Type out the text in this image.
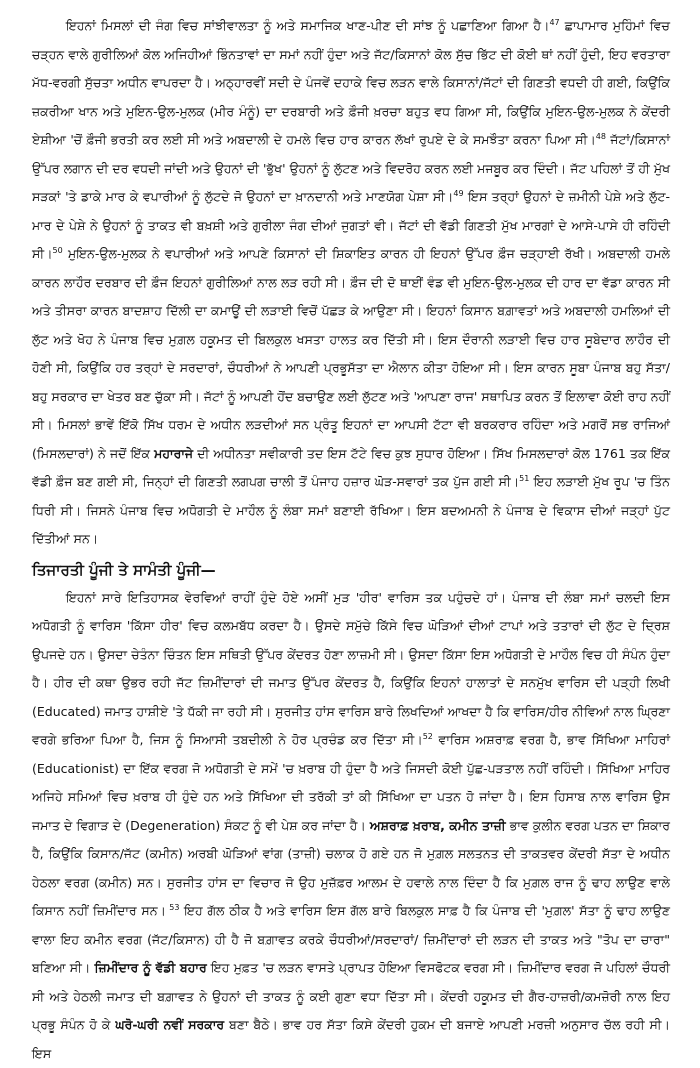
ਇਹਨਾਂ ਮਿਸਲਾਂ ਦੀ ਜੰਗ ਵਿਚ ਸਾਂਝੀਵਾਲਤਾ ਨੂੰ ਅਤੇ ਸਮਾਜਿਕ ਖਾਣ-ਪੀਣ ਦੀ ਸਾਂਝ ਨੂੰ ਪਛਾਣਿਆ ਗਿਆ ਹੈ।$^{47}$ ਛਾਪਾਮਾਰ ਮੁਹਿੰਮਾਂ ਵਿਚ ਚੜ੍ਹਨ ਵਾਲੇ ਗੁਰੀਲਿਆਂ ਕੋਲ ਅਜਿਹੀਆਂ ਭਿੰਨਤਾਵਾਂ ਦਾ ਸਮਾਂ ਨਹੀਂ ਹੁੰਦਾ ਅਤੇ ਜੱਟ/ਕਿਸਾਨਾਂ ਕੋਲ ਸੁੱਚ ਭਿੱਟ ਦੀ ਕੋਈ ਥਾਂ ਨਹੀਂ ਹੁੰਦੀ, ਇਹ ਵਰਤਾਰਾ ਮੱਧ-ਵਰਗੀ ਸੁੱਚਤਾ ਅਧੀਨ ਵਾਪਰਦਾ ਹੈ। ਅਠ੍ਹਾਰਵੀਂ ਸਦੀ ਦੇ ਪੰਜਵੇਂ ਦਹਾਕੇ ਵਿਚ ਲੜਨ ਵਾਲੇ ਕਿਸਾਨਾਂ/ਜੱਟਾਂ ਦੀ ਗਿਣਤੀ ਵਧਦੀ ਹੀ ਗਈ, ਕਿਉਂਕਿ ਜ਼ਕਰੀਆ ਖਾਨ ਅਤੇ ਮੁਇਨ-ਉਲ-ਮੁਲਕ (ਮੀਰ ਮੰਨੂੰ) ਦਾ ਦਰਬਾਰੀ ਅਤੇ ਫ਼ੌਜੀ ਖ਼ਰਚਾ ਬਹੁਤ ਵਧ ਗਿਆ ਸੀ, ਕਿਉਂਕਿ ਮੁਇਨ-ਉਲ-ਮੁਲਕ ਨੇ ਕੇਂਦਰੀ ਏਸ਼ੀਆ 'ਚੋਂ ਫ਼ੌਜੀ ਭਰਤੀ ਕਰ ਲਈ ਸੀ ਅਤੇ ਅਬਦਾਲੀ ਦੇ ਹਮਲੇ ਵਿਚ ਹਾਰ ਕਾਰਨ ਲੱਖਾਂ ਰੁਪਏ ਦੇ ਕੇ ਸਮਝੌਤਾ ਕਰਨਾ ਪਿਆ ਸੀ।$^{48}$ ਜੱਟਾਂ/ਕਿਸਾਨਾਂ ਉੱਪਰ ਲਗਾਨ ਦੀ ਦਰ ਵਧਦੀ ਜਾਂਦੀ ਅਤੇ ਉਹਨਾਂ ਦੀ 'ਭੁੱਖ' ਉਹਨਾਂ ਨੂੰ ਲੁੱਟਣ ਅਤੇ ਵਿਦਰੋਹ ਕਰਨ ਲਈ ਮਜਬੂਰ ਕਰ ਦਿੰਦੀ। ਜੱਟ ਪਹਿਲਾਂ ਤੋਂ ਹੀ ਮੁੱਖ ਸੜਕਾਂ 'ਤੇ ਡਾਕੇ ਮਾਰ ਕੇ ਵਪਾਰੀਆਂ ਨੂੰ ਲੁੱਟਦੇ ਜੋ ਉਹਨਾਂ ਦਾ ਖ਼ਾਨਦਾਨੀ ਅਤੇ ਮਾਣਯੋਗ ਪੇਸ਼ਾ ਸੀ।$^{49}$ ਇਸ ਤਰ੍ਹਾਂ ਉਹਨਾਂ ਦੇ ਜ਼ਮੀਨੀ ਪੇਸ਼ੇ ਅਤੇ ਲੁੱਟ-ਮਾਰ ਦੇ ਪੇਸ਼ੇ ਨੇ ਉਹਨਾਂ ਨੂੰ ਤਾਕਤ ਵੀ ਬਖ਼ਸ਼ੀ ਅਤੇ ਗੁਰੀਲਾ ਜੰਗ ਦੀਆਂ ਜੁਗਤਾਂ ਵੀ। ਜੱਟਾਂ ਦੀ ਵੱਡੀ ਗਿਣਤੀ ਮੁੱਖ ਮਾਰਗਾਂ ਦੇ ਆਸੇ-ਪਾਸੇ ਹੀ ਰਹਿੰਦੀ ਸੀ।$^{50}$ ਮੁਇਨ-ਉਲ-ਮੁਲਕ ਨੇ ਵਪਾਰੀਆਂ ਅਤੇ ਆਪਣੇ ਕਿਸਾਨਾਂ ਦੀ ਸ਼ਿਕਾਇਤ ਕਾਰਨ ਹੀ ਇਹਨਾਂ ਉੱਪਰ ਫ਼ੌਜ ਚੜ੍ਹਾਈ ਰੱਖੀ। ਅਬਦਾਲੀ ਹਮਲੇ ਕਾਰਨ ਲਾਹੌਰ ਦਰਬਾਰ ਦੀ ਫ਼ੌਜ ਇਹਨਾਂ ਗੁਰੀਲਿਆਂ ਨਾਲ ਲੜ ਰਹੀ ਸੀ। ਫ਼ੌਜ ਦੀ ਦੋ ਥਾਈਂ ਵੰਡ ਵੀ ਮੁਇਨ-ਉਲ-ਮੁਲਕ ਦੀ ਹਾਰ ਦਾ ਵੱਡਾ ਕਾਰਨ ਸੀ ਅਤੇ ਤੀਸਰਾ ਕਾਰਨ ਬਾਦਸ਼ਾਹ ਦਿੱਲੀ ਦਾ ਕਮਾਊਂ ਦੀ ਲੜਾਈ ਵਿਚੋਂ ਪੱਛੜ ਕੇ ਆਉਣਾ ਸੀ। ਇਹਨਾਂ ਕਿਸਾਨ ਬਗ਼ਾਵਤਾਂ ਅਤੇ ਅਬਦਾਲੀ ਹਮਲਿਆਂ ਦੀ ਲੁੱਟ ਅਤੇ ਖੋਹ ਨੇ ਪੰਜਾਬ ਵਿਚ ਮੁਗ਼ਲ ਹਕੂਮਤ ਦੀ ਬਿਲਕੁਲ ਖਸਤਾ ਹਾਲਤ ਕਰ ਦਿੱਤੀ ਸੀ। ਇਸ ਦੌਰਾਨੀ ਲੜਾਈ ਵਿਚ ਹਾਰ ਸੂਬੇਦਾਰ ਲਾਹੌਰ ਦੀ ਹੋਣੀ ਸੀ, ਕਿਉਂਕਿ ਹਰ ਤਰ੍ਹਾਂ ਦੇ ਸਰਦਾਰਾਂ, ਚੌਧਰੀਆਂ ਨੇ ਆਪਣੀ ਪ੍ਰਭੂਸੱਤਾ ਦਾ ਐਲਾਨ ਕੀਤਾ ਹੋਇਆ ਸੀ। ਇਸ ਕਾਰਨ ਸੂਬਾ ਪੰਜਾਬ ਬਹੁ ਸੱਤਾ/ਬਹੁ ਸਰਕਾਰ ਦਾ ਖੇਤਰ ਬਣ ਚੁੱਕਾ ਸੀ। ਜੱਟਾਂ ਨੂੰ ਆਪਣੀ ਹੋਂਦ ਬਚਾਉਣ ਲਈ ਲੁੱਟਣ ਅਤੇ 'ਆਪਣਾ ਰਾਜ' ਸਥਾਪਿਤ ਕਰਨ ਤੋਂ ਇਲਾਵਾ ਕੋਈ ਰਾਹ ਨਹੀਂ ਸੀ। ਮਿਸਲਾਂ ਭਾਵੇਂ ਇੱਕੋ ਸਿੱਖ ਧਰਮ ਦੇ ਅਧੀਨ ਲੜਦੀਆਂ ਸਨ ਪ੍ਰੰਤੂ ਇਹਨਾਂ ਦਾ ਆਪਸੀ ਟੱਟਾ ਵੀ ਬਰਕਰਾਰ ਰਹਿੰਦਾ ਅਤੇ ਮਗਰੋਂ ਸਭ ਰਾਜਿਆਂ (ਮਿਸਲਦਾਰਾਂ) ਨੇ ਜਦੋਂ ਇੱਕ ਮਹਾਰਾਜੇ ਦੀ ਅਧੀਨਤਾ ਸਵੀਕਾਰੀ ਤਦ ਇਸ ਟੱਟੇ ਵਿਚ ਕੁਝ ਸੁਧਾਰ ਹੋਇਆ। ਸਿੱਖ ਮਿਸਲਦਾਰਾਂ ਕੋਲ 1761 ਤਕ ਇੱਕ ਵੱਡੀ ਫ਼ੌਜ ਬਣ ਗਈ ਸੀ, ਜਿਨ੍ਹਾਂ ਦੀ ਗਿਣਤੀ ਲਗਪਗ ਚਾਲੀ ਤੋਂ ਪੰਜਾਹ ਹਜ਼ਾਰ ਘੋੜ-ਸਵਾਰਾਂ ਤਕ ਪੁੱਜ ਗਈ ਸੀ।$^{51}$ ਇਹ ਲੜਾਈ ਮੁੱਖ ਰੂਪ 'ਚ ਤਿੰਨ ਧਿਰੀ ਸੀ। ਜਿਸਨੇ ਪੰਜਾਬ ਵਿਚ ਅਧੋਗਤੀ ਦੇ ਮਾਹੌਲ ਨੂੰ ਲੰਬਾ ਸਮਾਂ ਬਣਾਈ ਰੱਖਿਆ। ਇਸ ਬਦਅਮਨੀ ਨੇ ਪੰਜਾਬ ਦੇ ਵਿਕਾਸ ਦੀਆਂ ਜੜ੍ਹਾਂ ਪੁੱਟ ਦਿੱਤੀਆਂ ਸਨ।

ਤਿਜਾਰਤੀ ਪੂੰਜੀ ਤੇ ਸਾਮੰਤੀ ਪੂੰਜੀ—

ਇਹਨਾਂ ਸਾਰੇ ਇਤਿਹਾਸਕ ਵੇਰਵਿਆਂ ਰਾਹੀਂ ਹੁੰਦੇ ਹੋਏ ਅਸੀਂ ਮੁੜ 'ਹੀਰ' ਵਾਰਿਸ ਤਕ ਪਹੁੰਚਦੇ ਹਾਂ। ਪੰਜਾਬ ਦੀ ਲੰਬਾ ਸਮਾਂ ਚਲਦੀ ਇਸ ਅਧੋਗਤੀ ਨੂੰ ਵਾਰਿਸ 'ਕਿੱਸਾ ਹੀਰ' ਵਿਚ ਕਲਮਬੱਧ ਕਰਦਾ ਹੈ। ਉਸਦੇ ਸਮੁੱਚੇ ਕਿੱਸੇ ਵਿਚ ਘੋੜਿਆਂ ਦੀਆਂ ਟਾਪਾਂ ਅਤੇ ਤਤਾਰਾਂ ਦੀ ਲੁੱਟ ਦੇ ਦ੍ਰਿਸ਼ ਉਪਜਦੇ ਹਨ। ਉਸਦਾ ਚੇਤੰਨਾ ਚਿੰਤਨ ਇਸ ਸਥਿਤੀ ਉੱਪਰ ਕੇਂਦਰਤ ਹੋਣਾ ਲਾਜ਼ਮੀ ਸੀ। ਉਸਦਾ ਕਿੱਸਾ ਇਸ ਅਧੋਗਤੀ ਦੇ ਮਾਹੌਲ ਵਿਚ ਹੀ ਸੰਪੰਨ ਹੁੰਦਾ ਹੈ। ਹੀਰ ਦੀ ਕਥਾ ਉਭਰ ਰਹੀ ਜੱਟ ਜ਼ਿਮੀਂਦਾਰਾਂ ਦੀ ਜਮਾਤ ਉੱਪਰ ਕੇਂਦਰਤ ਹੈ, ਕਿਉਂਕਿ ਇਹਨਾਂ ਹਾਲਾਤਾਂ ਦੇ ਸਨਮੁੱਖ ਵਾਰਿਸ ਦੀ ਪੜ੍ਹੀ ਲਿਖੀ (Educated) ਜਮਾਤ ਹਾਸ਼ੀਏ 'ਤੇ ਧੱਕੀ ਜਾ ਰਹੀ ਸੀ। ਸੁਰਜੀਤ ਹਾਂਸ ਵਾਰਿਸ ਬਾਰੇ ਲਿਖਦਿਆਂ ਆਖਦਾ ਹੈ ਕਿ ਵਾਰਿਸ/ਹੀਰ ਨੀਵਿਆਂ ਨਾਲ ਘ੍ਰਿਣਾ ਵਰਗੇ ਭਰਿਆ ਪਿਆ ਹੈ, ਜਿਸ ਨੂੰ ਸਿਆਸੀ ਤਬਦੀਲੀ ਨੇ ਹੋਰ ਪ੍ਰਚੰਡ ਕਰ ਦਿੱਤਾ ਸੀ।$^{52}$ ਵਾਰਿਸ ਅਸ਼ਰਾਫ਼ ਵਰਗ ਹੈ, ਭਾਵ ਸਿੱਖਿਆ ਮਾਹਿਰਾਂ (Educationist) ਦਾ ਇੱਕ ਵਰਗ ਜੋ ਅਧੋਗਤੀ ਦੇ ਸਮੇਂ 'ਚ ਖ਼ਰਾਬ ਹੀ ਹੁੰਦਾ ਹੈ ਅਤੇ ਜਿਸਦੀ ਕੋਈ ਪੁੱਛ-ਪੜਤਾਲ ਨਹੀਂ ਰਹਿੰਦੀ। ਸਿੱਖਿਆ ਮਾਹਿਰ ਅਜਿਹੇ ਸਮਿਆਂ ਵਿਚ ਖ਼ਰਾਬ ਹੀ ਹੁੰਦੇ ਹਨ ਅਤੇ ਸਿੱਖਿਆ ਦੀ ਤਰੱਕੀ ਤਾਂ ਕੀ ਸਿੱਖਿਆ ਦਾ ਪਤਨ ਹੋ ਜਾਂਦਾ ਹੈ। ਇਸ ਹਿਸਾਬ ਨਾਲ ਵਾਰਿਸ ਉਸ ਜਮਾਤ ਦੇ ਵਿਗਾੜ ਦੇ (Degeneration) ਸੰਕਟ ਨੂੰ ਵੀ ਪੇਸ਼ ਕਰ ਜਾਂਦਾ ਹੈ। ਅਸ਼ਰਾਫ਼ ਖ਼ਰਾਬ, ਕਮੀਨ ਤਾਜ਼ੀ ਭਾਵ ਕੁਲੀਨ ਵਰਗ ਪਤਨ ਦਾ ਸ਼ਿਕਾਰ ਹੈ, ਕਿਉਂਕਿ ਕਿਸਾਨ/ਜੱਟ (ਕਮੀਨ) ਅਰਬੀ ਘੋੜਿਆਂ ਵਾਂਗ (ਤਾਜ਼ੀ) ਚਲਾਕ ਹੋ ਗਏ ਹਨ ਜੋ ਮੁਗ਼ਲ ਸਲਤਨਤ ਦੀ ਤਾਕਤਵਰ ਕੇਂਦਰੀ ਸੱਤਾ ਦੇ ਅਧੀਨ ਹੇਠਲਾ ਵਰਗ (ਕਮੀਨ) ਸਨ। ਸੁਰਜੀਤ ਹਾਂਸ ਦਾ ਵਿਚਾਰ ਜੋ ਉਹ ਮੁਜ਼ੱਫ਼ਰ ਆਲਮ ਦੇ ਹਵਾਲੇ ਨਾਲ ਦਿੰਦਾ ਹੈ ਕਿ ਮੁਗ਼ਲ ਰਾਜ ਨੂੰ ਢਾਹ ਲਾਉਣ ਵਾਲੇ ਕਿਸਾਨ ਨਹੀਂ ਜ਼ਿਮੀਂਦਾਰ ਸਨ। $^{53}$ ਇਹ ਗੱਲ ਠੀਕ ਹੈ ਅਤੇ ਵਾਰਿਸ ਇਸ ਗੱਲ ਬਾਰੇ ਬਿਲਕੁਲ ਸਾਫ਼ ਹੈ ਕਿ ਪੰਜਾਬ ਦੀ 'ਮੁਗ਼ਲ' ਸੱਤਾ ਨੂੰ ਢਾਹ ਲਾਉਣ ਵਾਲਾ ਇਹ ਕਮੀਨ ਵਰਗ (ਜੱਟ/ਕਿਸਾਨ) ਹੀ ਹੈ ਜੋ ਬਗ਼ਾਵਤ ਕਰਕੇ ਚੌਧਰੀਆਂ/ਸਰਦਾਰਾਂ/ ਜ਼ਿਮੀਂਦਾਰਾਂ ਦੀ ਲੜਨ ਦੀ ਤਾਕਤ ਅਤੇ "ਤੋਪ ਦਾ ਚਾਰਾ" ਬਣਿਆ ਸੀ। ਜ਼ਿਮੀਂਦਾਰ ਨੂੰ ਵੱਡੀ ਬਹਾਰ ਇਹ ਮੁਫ਼ਤ 'ਚ ਲੜਨ ਵਾਸਤੇ ਪ੍ਰਾਪਤ ਹੋਇਆ ਵਿਸਫੋਟਕ ਵਰਗ ਸੀ। ਜ਼ਿਮੀਂਦਾਰ ਵਰਗ ਜੋ ਪਹਿਲਾਂ ਚੌਧਰੀ ਸੀ ਅਤੇ ਹੇਠਲੀ ਜਮਾਤ ਦੀ ਬਗ਼ਾਵਤ ਨੇ ਉਹਨਾਂ ਦੀ ਤਾਕਤ ਨੂੰ ਕਈ ਗੁਣਾ ਵਧਾ ਦਿੱਤਾ ਸੀ। ਕੇਂਦਰੀ ਹਕੂਮਤ ਦੀ ਗੈਰ-ਹਾਜ਼ਰੀ/ਕਮਜ਼ੋਰੀ ਨਾਲ ਇਹ ਪ੍ਰਭੂ ਸੰਪੰਨ ਹੋ ਕੇ ਘਰੋ-ਘਰੀ ਨਵੀਂ ਸਰਕਾਰ ਬਣਾ ਬੈਠੇ। ਭਾਵ ਹਰ ਸੱਤਾ ਕਿਸੇ ਕੇਂਦਰੀ ਹੁਕਮ ਦੀ ਬਜਾਏ ਆਪਣੀ ਮਰਜ਼ੀ ਅਨੁਸਾਰ ਚੱਲ ਰਹੀ ਸੀ। ਇਸ
